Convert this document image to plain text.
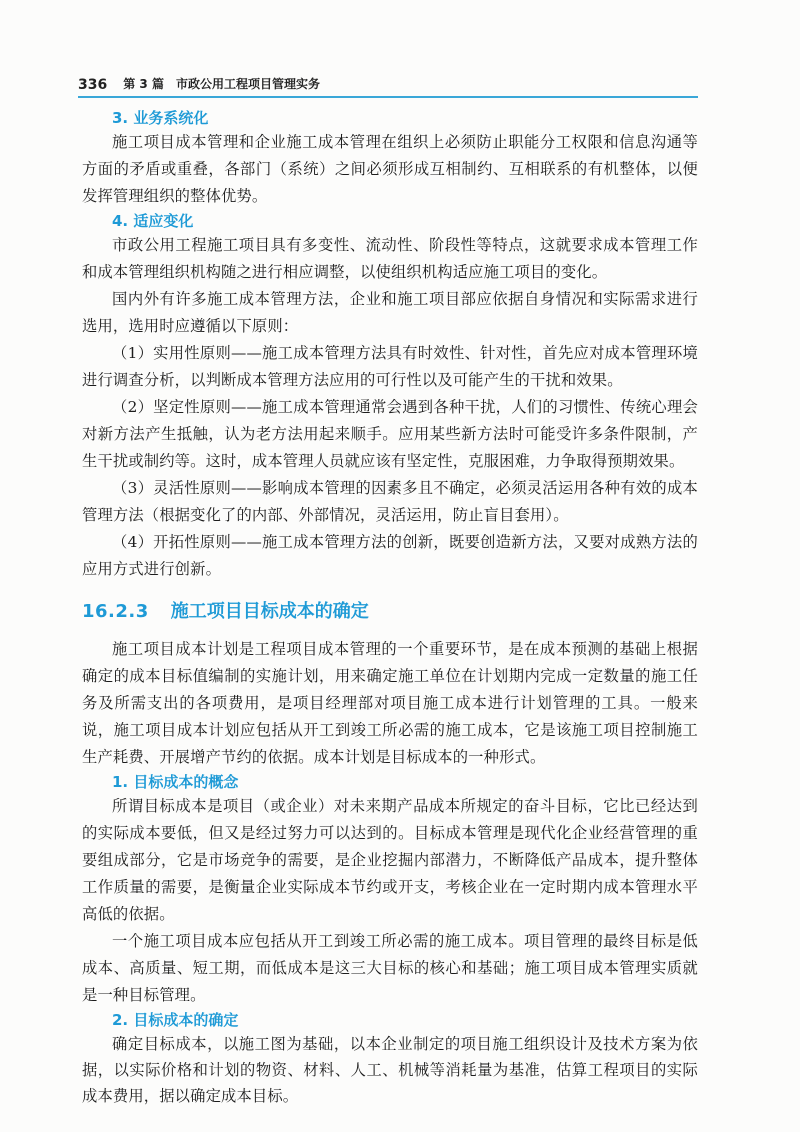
336 第 3 篇 市政公用工程项目管理实务
3. 业务系统化

施工项目成本管理和企业施工成本管理在组织上必须防止职能分工权限和信息沟通等方面的矛盾或重叠，各部门（系统）之间必须形成互相制约、互相联系的有机整体，以便发挥管理组织的整体优势。

4. 适应变化

市政公用工程施工项目具有多变性、流动性、阶段性等特点，这就要求成本管理工作和成本管理组织机构随之进行相应调整，以使组织机构适应施工项目的变化。

国内外有许多施工成本管理方法，企业和施工项目部应依据自身情况和实际需求进行选用，选用时应遵循以下原则：

（1）实用性原则——施工成本管理方法具有时效性、针对性，首先应对成本管理环境进行调查分析，以判断成本管理方法应用的可行性以及可能产生的干扰和效果。

（2）坚定性原则——施工成本管理通常会遇到各种干扰，人们的习惯性、传统心理会对新方法产生抵触，认为老方法用起来顺手。应用某些新方法时可能受许多条件限制，产生干扰或制约等。这时，成本管理人员就应该有坚定性，克服困难，力争取得预期效果。

（3）灵活性原则——影响成本管理的因素多且不确定，必须灵活运用各种有效的成本管理方法（根据变化了的内部、外部情况，灵活运用，防止盲目套用）。

（4）开拓性原则——施工成本管理方法的创新，既要创造新方法，又要对成熟方法的应用方式进行创新。

16.2.3 施工项目目标成本的确定

施工项目成本计划是工程项目成本管理的一个重要环节，是在成本预测的基础上根据确定的成本目标值编制的实施计划，用来确定施工单位在计划期内完成一定数量的施工任务及所需支出的各项费用，是项目经理部对项目施工成本进行计划管理的工具。一般来说，施工项目成本计划应包括从开工到竣工所必需的施工成本，它是该施工项目控制施工生产耗费、开展增产节约的依据。成本计划是目标成本的一种形式。

1. 目标成本的概念

所谓目标成本是项目（或企业）对未来期产品成本所规定的奋斗目标，它比已经达到的实际成本要低，但又是经过努力可以达到的。目标成本管理是现代化企业经营管理的重要组成部分，它是市场竞争的需要，是企业挖掘内部潜力，不断降低产品成本，提升整体工作质量的需要，是衡量企业实际成本节约或开支，考核企业在一定时期内成本管理水平高低的依据。

一个施工项目成本应包括从开工到竣工所必需的施工成本。项目管理的最终目标是低成本、高质量、短工期，而低成本是这三大目标的核心和基础；施工项目成本管理实质就是一种目标管理。

2. 目标成本的确定

确定目标成本，以施工图为基础，以本企业制定的项目施工组织设计及技术方案为依据，以实际价格和计划的物资、材料、人工、机械等消耗量为基准，估算工程项目的实际成本费用，据以确定成本目标。
